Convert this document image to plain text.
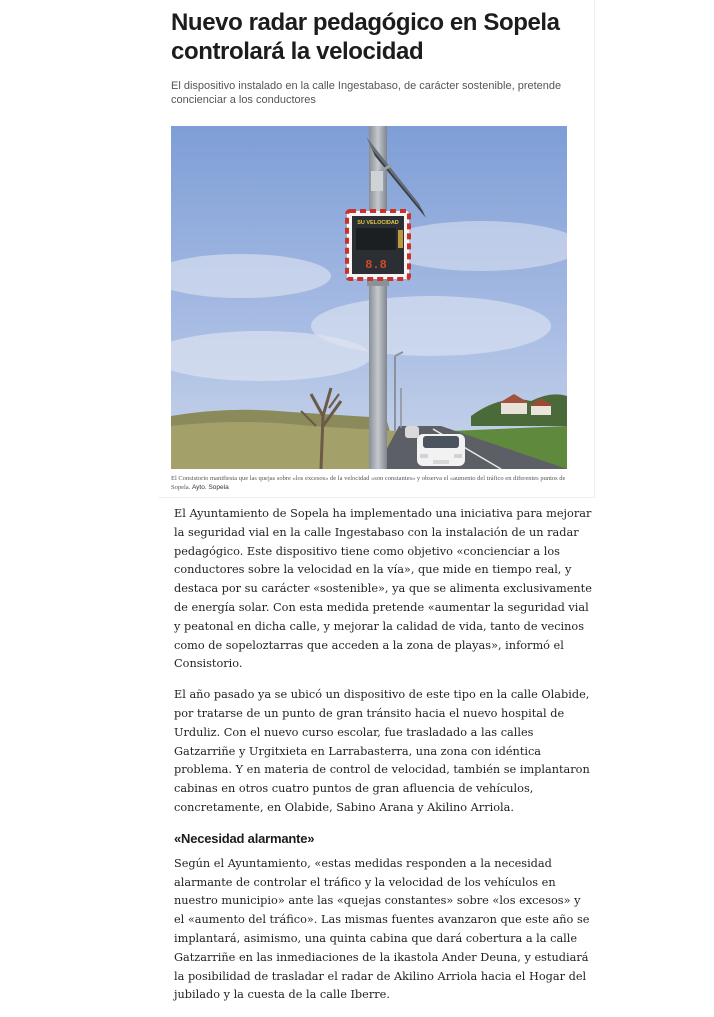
Nuevo radar pedagógico en Sopela controlará la velocidad

El dispositivo instalado en la calle Ingestabaso, de carácter sostenible, pretende concienciar a los conductores

SU VELOCIDAD
8.8

El Consistorio manifiesta que las quejas sobre «los excesos» de la velocidad «son constantes» y observa el «aumento del tráfico en diferentes puntos de Sopela. Ayto. Sopela

El Ayuntamiento de Sopela ha implementado una iniciativa para mejorar la seguridad vial en la calle Ingestabaso con la instalación de un radar pedagógico. Este dispositivo tiene como objetivo «concienciar a los conductores sobre la velocidad en la vía», que mide en tiempo real, y destaca por su carácter «sostenible», ya que se alimenta exclusivamente de energía solar. Con esta medida pretende «aumentar la seguridad vial y peatonal en dicha calle, y mejorar la calidad de vida, tanto de vecinos como de sopeloztarras que acceden a la zona de playas», informó el Consistorio.

El año pasado ya se ubicó un dispositivo de este tipo en la calle Olabide, por tratarse de un punto de gran tránsito hacia el nuevo hospital de Urduliz. Con el nuevo curso escolar, fue trasladado a las calles Gatzarriñe y Urgitxieta en Larrabasterra, una zona con idéntica problema. Y en materia de control de velocidad, también se implantaron cabinas en otros cuatro puntos de gran afluencia de vehículos, concretamente, en Olabide, Sabino Arana y Akilino Arriola.

«Necesidad alarmante»

Según el Ayuntamiento, «estas medidas responden a la necesidad alarmante de controlar el tráfico y la velocidad de los vehículos en nuestro municipio» ante las «quejas constantes» sobre «los excesos» y el «aumento del tráfico». Las mismas fuentes avanzaron que este año se implantará, asimismo, una quinta cabina que dará cobertura a la calle Gatzarriñe en las inmediaciones de la ikastola Ander Deuna, y estudiará la posibilidad de trasladar el radar de Akilino Arriola hacia el Hogar del jubilado y la cuesta de la calle Iberre.
